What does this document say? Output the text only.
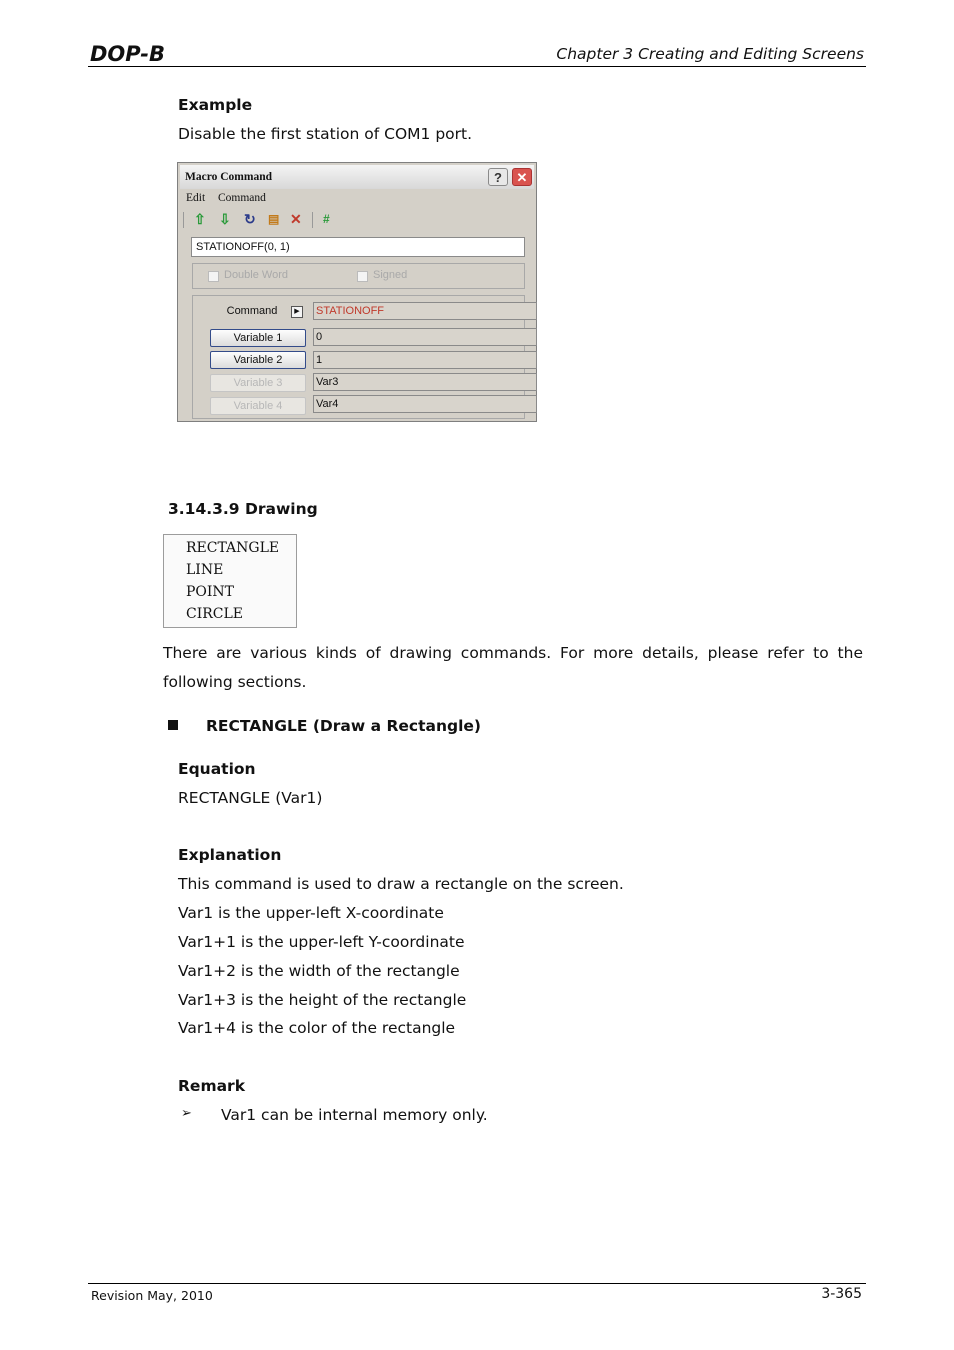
DOP-B	Chapter 3 Creating and Editing Screens
Example
Disable the first station of COM1 port.
Macro Command	?	✕
Edit Command
⇧ ⇩ ↻ ▤ ✕ #
STATIONOFF(0, 1)
Double Word	Signed
Command	▶	STATIONOFF
Variable 1	0
Variable 2	1
Variable 3	Var3
Variable 4	Var4
3.14.3.9 Drawing
RECTANGLE
LINE
POINT
CIRCLE
There are various kinds of drawing commands. For more details, please refer to the
following sections.
RECTANGLE (Draw a Rectangle)
Equation
RECTANGLE (Var1)
Explanation
This command is used to draw a rectangle on the screen.
Var1 is the upper-left X-coordinate
Var1+1 is the upper-left Y-coordinate
Var1+2 is the width of the rectangle
Var1+3 is the height of the rectangle
Var1+4 is the color of the rectangle
Remark
➢ Var1 can be internal memory only.
Revision May, 2010	3-365
